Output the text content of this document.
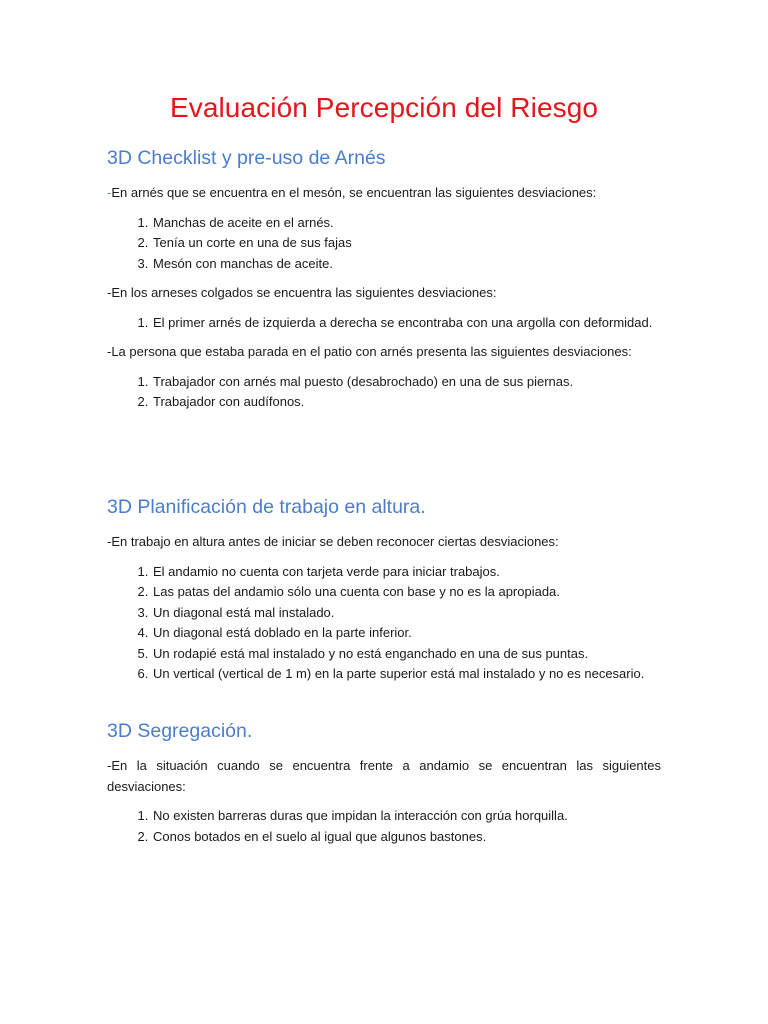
Evaluación Percepción del Riesgo
3D Checklist y pre-uso de Arnés

-En arnés que se encuentra en el mesón, se encuentran las siguientes desviaciones:

1. Manchas de aceite en el arnés.
2. Tenía un corte en una de sus fajas
3. Mesón con manchas de aceite.

-En los arneses colgados se encuentra las siguientes desviaciones:

1. El primer arnés de izquierda a derecha se encontraba con una argolla con deformidad.

-La persona que estaba parada en el patio con arnés presenta las siguientes desviaciones:

1. Trabajador con arnés mal puesto (desabrochado) en una de sus piernas.
2. Trabajador con audífonos.
3D Planificación de trabajo en altura.

-En trabajo en altura antes de iniciar se deben reconocer ciertas desviaciones:

1. El andamio no cuenta con tarjeta verde para iniciar trabajos.
2. Las patas del andamio sólo una cuenta con base y no es la apropiada.
3. Un diagonal está mal instalado.
4. Un diagonal está doblado en la parte inferior.
5. Un rodapié está mal instalado y no está enganchado en una de sus puntas.
6. Un vertical (vertical de 1 m) en la parte superior está mal instalado y no es necesario.
3D Segregación.

-En la situación cuando se encuentra frente a andamio se encuentran las siguientes desviaciones:

1. No existen barreras duras que impidan la interacción con grúa horquilla.
2. Conos botados en el suelo al igual que algunos bastones.
